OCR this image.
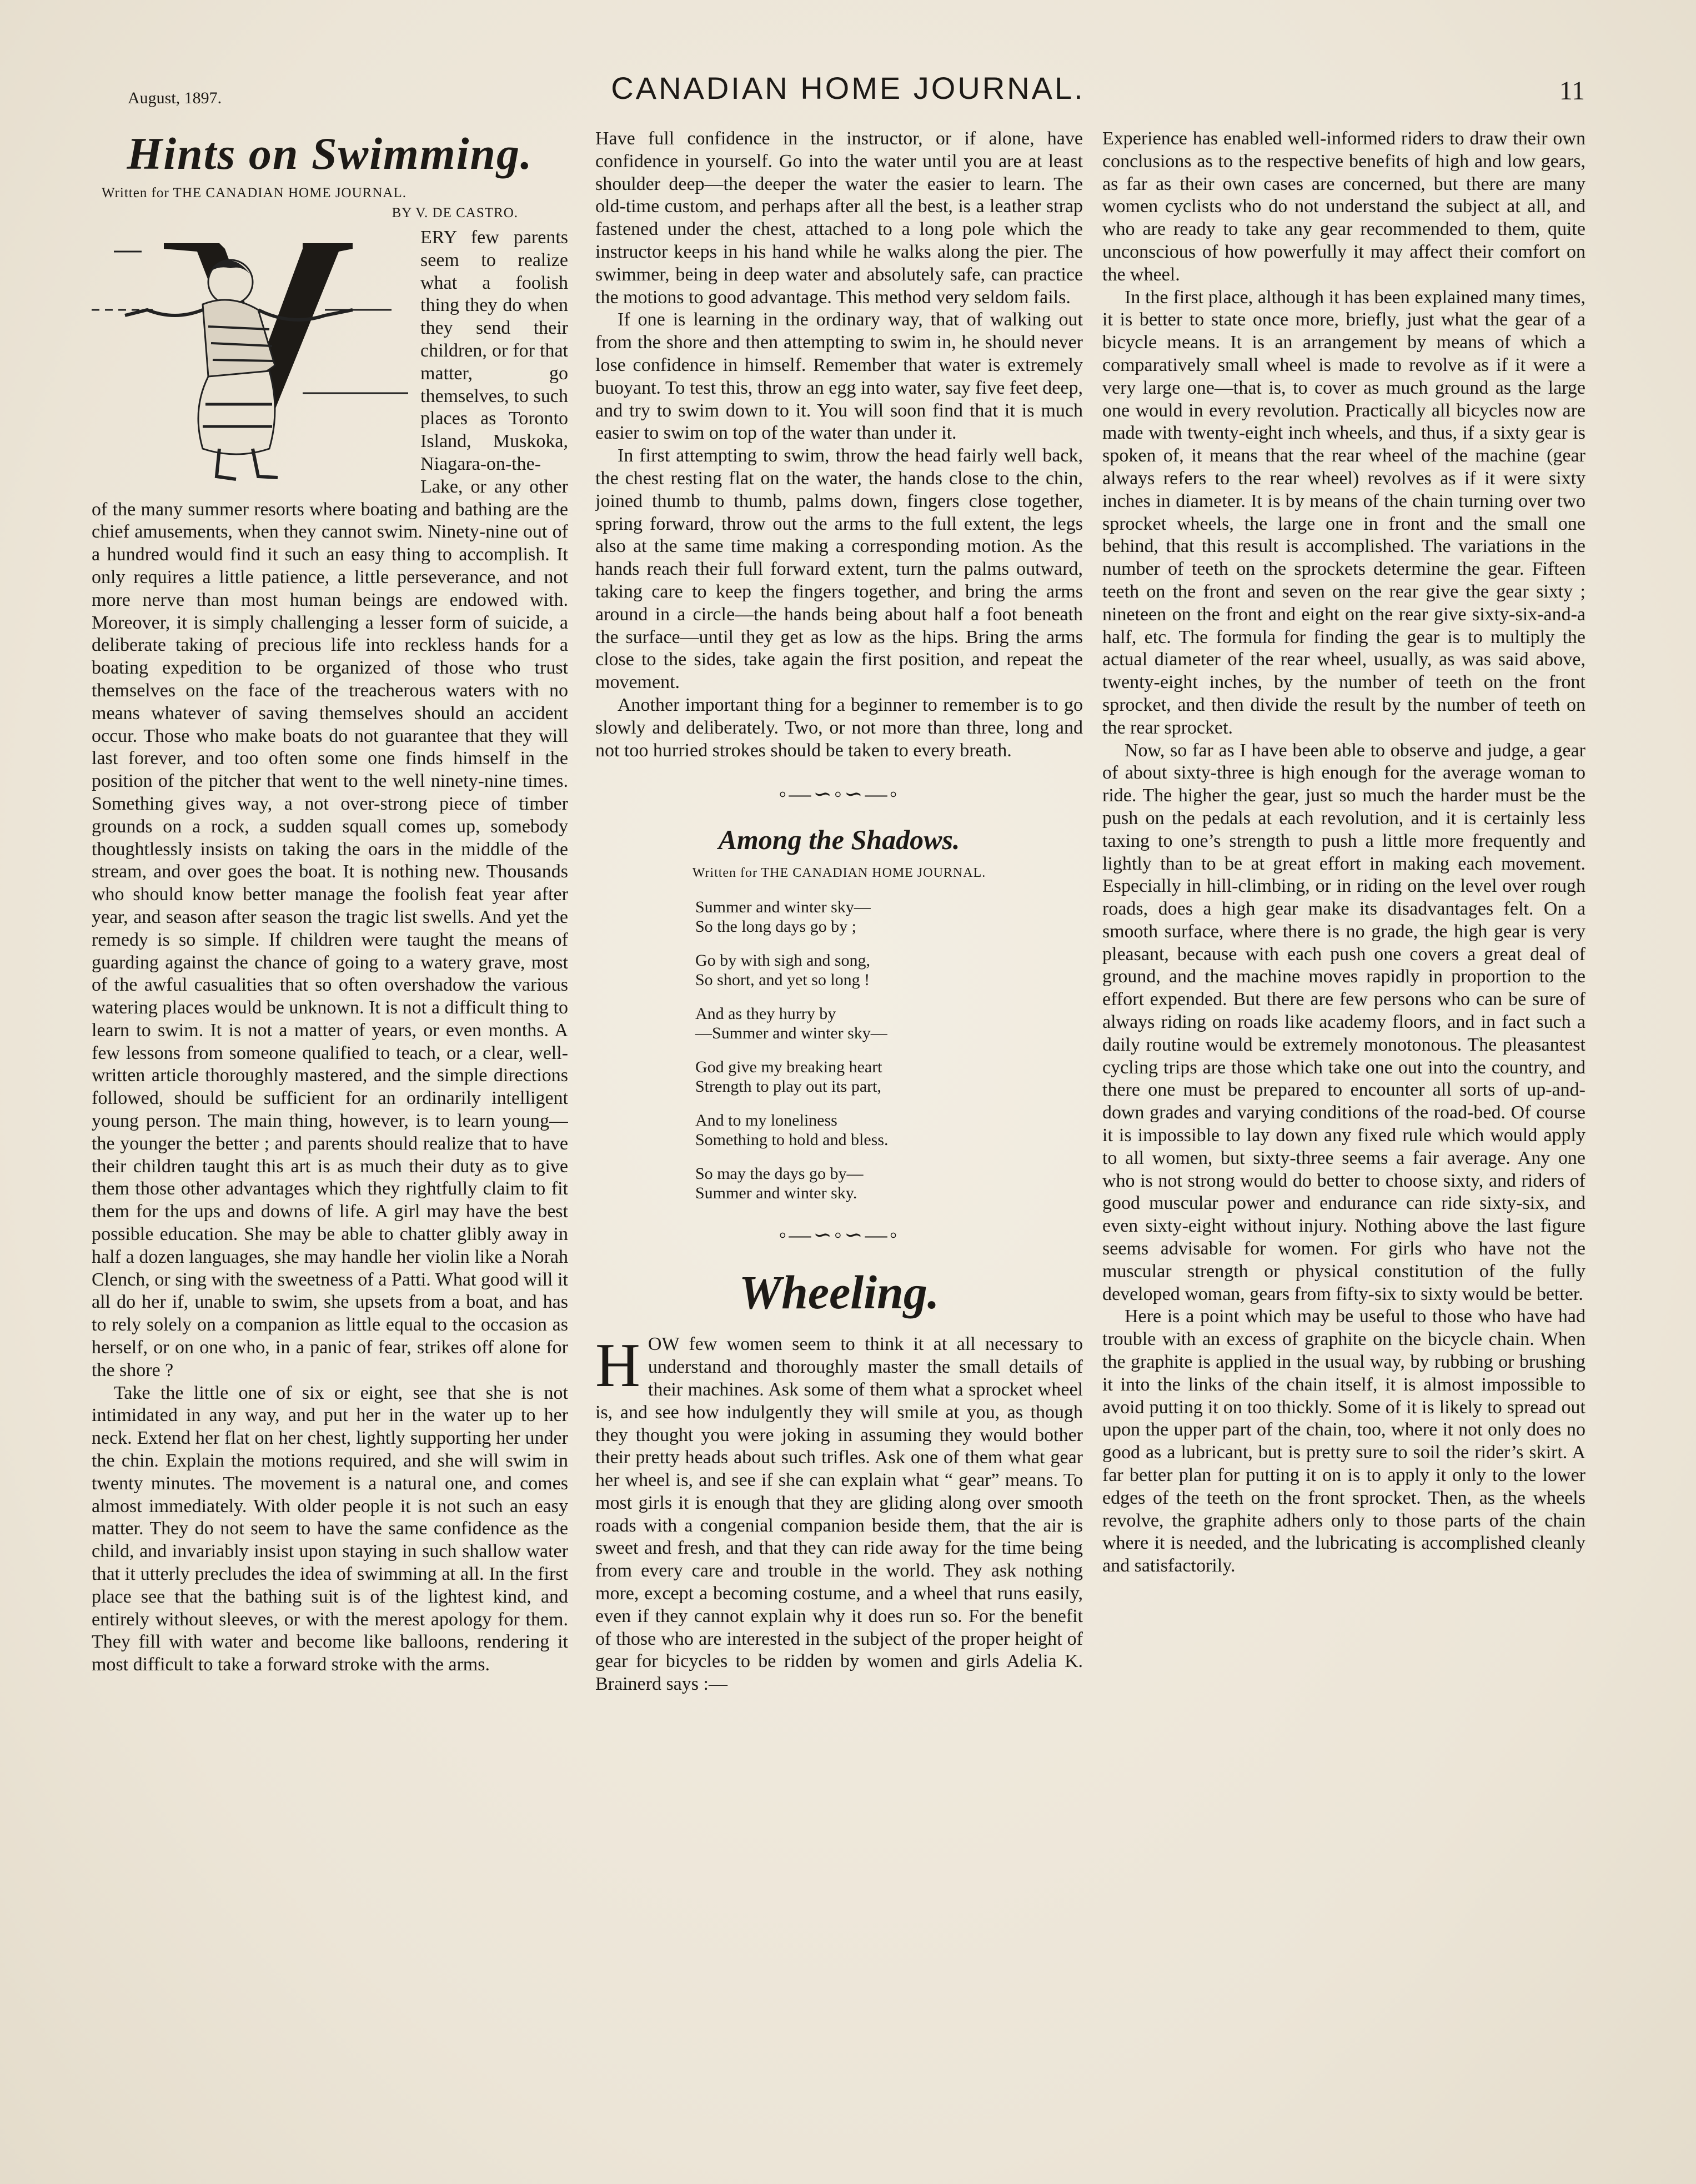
August, 1897.	CANADIAN HOME JOURNAL.	11
Hints on Swimming.
Written for THE CANADIAN HOME JOURNAL.
BY V. DE CASTRO.

ERY few parents seem to realize what a foolish thing they do when they send their children, or for that matter, go themselves, to such places as Toronto Island, Muskoka, Niagara-on-the-Lake, or any other of the many summer resorts where boating and bathing are the chief amusements, when they cannot swim. Ninety-nine out of a hundred would find it such an easy thing to accomplish. It only requires a little patience, a little perseverance, and not more nerve than most human beings are endowed with. Moreover, it is simply challenging a lesser form of suicide, a deliberate taking of precious life into reckless hands for a boating expedition to be organized of those who trust themselves on the face of the treacherous waters with no means whatever of saving themselves should an accident occur. Those who make boats do not guarantee that they will last forever, and too often some one finds himself in the position of the pitcher that went to the well ninety-nine times. Something gives way, a not over-strong piece of timber grounds on a rock, a sudden squall comes up, somebody thoughtlessly insists on taking the oars in the middle of the stream, and over goes the boat. It is nothing new. Thousands who should know better manage the foolish feat year after year, and season after season the tragic list swells. And yet the remedy is so simple. If children were taught the means of guarding against the chance of going to a watery grave, most of the awful casualities that so often overshadow the various watering places would be unknown. It is not a difficult thing to learn to swim. It is not a matter of years, or even months. A few lessons from someone qualified to teach, or a clear, well-written article thoroughly mastered, and the simple directions followed, should be sufficient for an ordinarily intelligent young person. The main thing, however, is to learn young—the younger the better ; and parents should realize that to have their children taught this art is as much their duty as to give them those other advantages which they rightfully claim to fit them for the ups and downs of life. A girl may have the best possible education. She may be able to chatter glibly away in half a dozen languages, she may handle her violin like a Norah Clench, or sing with the sweetness of a Patti. What good will it all do her if, unable to swim, she upsets from a boat, and has to rely solely on a companion as little equal to the occasion as herself, or on one who, in a panic of fear, strikes off alone for the shore ?

Take the little one of six or eight, see that she is not intimidated in any way, and put her in the water up to her neck. Extend her flat on her chest, lightly supporting her under the chin. Explain the motions required, and she will swim in twenty minutes. The movement is a natural one, and comes almost immediately. With older people it is not such an easy matter. They do not seem to have the same confidence as the child, and invariably insist upon staying in such shallow water that it utterly precludes the idea of swimming at all. In the first place see that the bathing suit is of the lightest kind, and entirely without sleeves, or with the merest apology for them. They fill with water and become like balloons, rendering it most difficult to take a forward stroke with the arms.

Have full confidence in the instructor, or if alone, have confidence in yourself. Go into the water until you are at least shoulder deep—the deeper the water the easier to learn. The old-time custom, and perhaps after all the best, is a leather strap fastened under the chest, attached to a long pole which the instructor keeps in his hand while he walks along the pier. The swimmer, being in deep water and absolutely safe, can practice the motions to good advantage. This method very seldom fails.

If one is learning in the ordinary way, that of walking out from the shore and then attempting to swim in, he should never lose confidence in himself. Remember that water is extremely buoyant. To test this, throw an egg into water, say five feet deep, and try to swim down to it. You will soon find that it is much easier to swim on top of the water than under it.

In first attempting to swim, throw the head fairly well back, the chest resting flat on the water, the hands close to the chin, joined thumb to thumb, palms down, fingers close together, spring forward, throw out the arms to the full extent, the legs also at the same time making a corresponding motion. As the hands reach their full forward extent, turn the palms outward, taking care to keep the fingers together, and bring the arms around in a circle—the hands being about half a foot beneath the surface—until they get as low as the hips. Bring the arms close to the sides, take again the first position, and repeat the movement.

Another important thing for a beginner to remember is to go slowly and deliberately. Two, or not more than three, long and not too hurried strokes should be taken to every breath.

◦—∽◦∽—◦
Among the Shadows.
Written for THE CANADIAN HOME JOURNAL.
Summer and winter sky—
So the long days go by ;
Go by with sigh and song,
So short, and yet so long !
And as they hurry by
—Summer and winter sky—
God give my breaking heart
Strength to play out its part,
And to my loneliness
Something to hold and bless.
So may the days go by—
Summer and winter sky.
◦—∽◦∽—◦
Wheeling.
H OW few women seem to think it at all necessary to understand and thoroughly master the small details of their machines. Ask some of them what a sprocket wheel is, and see how indulgently they will smile at you, as though they thought you were joking in assuming they would bother their pretty heads about such trifles. Ask one of them what gear her wheel is, and see if she can explain what “ gear” means. To most girls it is enough that they are gliding along over smooth roads with a congenial companion beside them, that the air is sweet and fresh, and that they can ride away for the time being from every care and trouble in the world. They ask nothing more, except a becoming costume, and a wheel that runs easily, even if they cannot explain why it does run so. For the benefit of those who are interested in the subject of the proper height of gear for bicycles to be ridden by women and girls Adelia K. Brainerd says :—

Experience has enabled well-informed riders to draw their own conclusions as to the respective benefits of high and low gears, as far as their own cases are concerned, but there are many women cyclists who do not understand the subject at all, and who are ready to take any gear recommended to them, quite unconscious of how powerfully it may affect their comfort on the wheel.

In the first place, although it has been explained many times, it is better to state once more, briefly, just what the gear of a bicycle means. It is an arrangement by means of which a comparatively small wheel is made to revolve as if it were a very large one—that is, to cover as much ground as the large one would in every revolution. Practically all bicycles now are made with twenty-eight inch wheels, and thus, if a sixty gear is spoken of, it means that the rear wheel of the machine (gear always refers to the rear wheel) revolves as if it were sixty inches in diameter. It is by means of the chain turning over two sprocket wheels, the large one in front and the small one behind, that this result is accomplished. The variations in the number of teeth on the sprockets determine the gear. Fifteen teeth on the front and seven on the rear give the gear sixty ; nineteen on the front and eight on the rear give sixty-six-and-a half, etc. The formula for finding the gear is to multiply the actual diameter of the rear wheel, usually, as was said above, twenty-eight inches, by the number of teeth on the front sprocket, and then divide the result by the number of teeth on the rear sprocket.

Now, so far as I have been able to observe and judge, a gear of about sixty-three is high enough for the average woman to ride. The higher the gear, just so much the harder must be the push on the pedals at each revolution, and it is certainly less taxing to one’s strength to push a little more frequently and lightly than to be at great effort in making each movement. Especially in hill-climbing, or in riding on the level over rough roads, does a high gear make its disadvantages felt. On a smooth surface, where there is no grade, the high gear is very pleasant, because with each push one covers a great deal of ground, and the machine moves rapidly in proportion to the effort expended. But there are few persons who can be sure of always riding on roads like academy floors, and in fact such a daily routine would be extremely monotonous. The pleasantest cycling trips are those which take one out into the country, and there one must be prepared to encounter all sorts of up-and-down grades and varying conditions of the road-bed. Of course it is impossible to lay down any fixed rule which would apply to all women, but sixty-three seems a fair average. Any one who is not strong would do better to choose sixty, and riders of good muscular power and endurance can ride sixty-six, and even sixty-eight without injury. Nothing above the last figure seems advisable for women. For girls who have not the muscular strength or physical constitution of the fully developed woman, gears from fifty-six to sixty would be better.

Here is a point which may be useful to those who have had trouble with an excess of graphite on the bicycle chain. When the graphite is applied in the usual way, by rubbing or brushing it into the links of the chain itself, it is almost impossible to avoid putting it on too thickly. Some of it is likely to spread out upon the upper part of the chain, too, where it not only does no good as a lubricant, but is pretty sure to soil the rider’s skirt. A far better plan for putting it on is to apply it only to the lower edges of the teeth on the front sprocket. Then, as the wheels revolve, the graphite adhers only to those parts of the chain where it is needed, and the lubricating is accomplished cleanly and satisfactorily.
